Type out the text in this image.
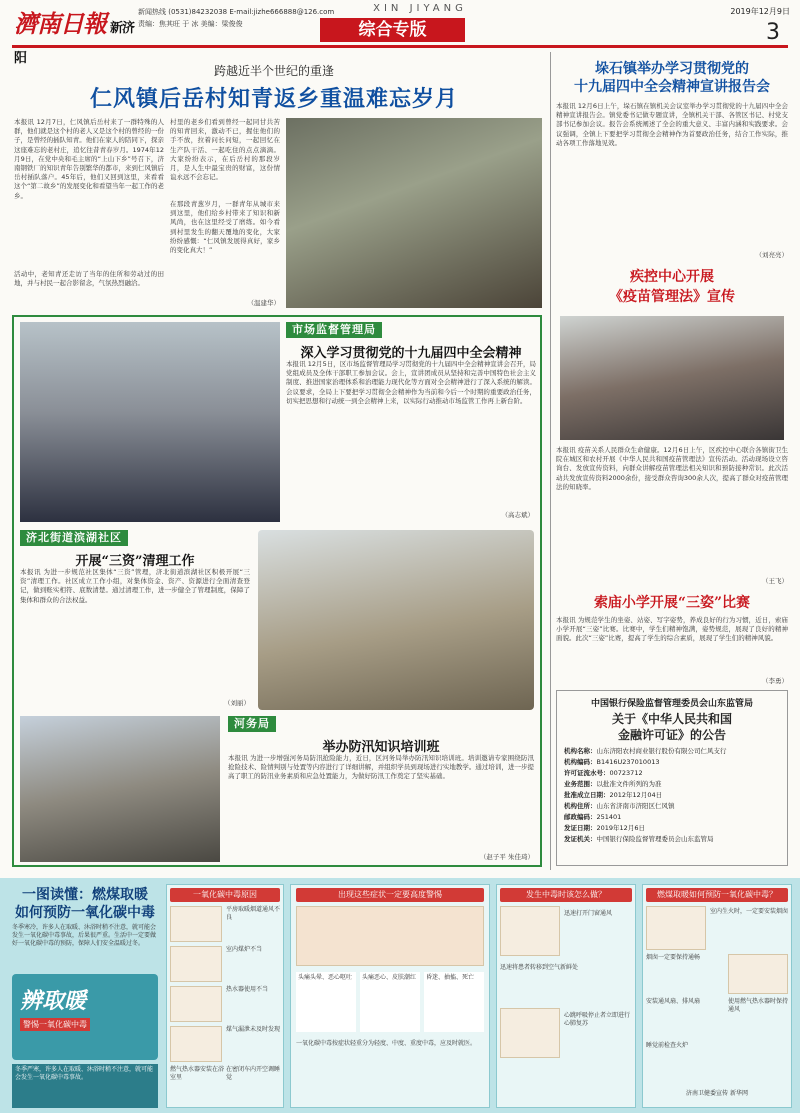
濟南日報 新济阳
新闻热线 (0531)84232038 E-mail:jizhe666888@126.com
责编：焦其旺 于 冰 美编：梁俊俊
XIN JIYANG
综合专版
2019年12月9日
3
跨越近半个世纪的重逢
仁风镇后岳村知青返乡重温难忘岁月
本报讯 12月7日，仁风镇后岳村来了一群特殊的人群，他们就是这个村的老人又是这个村的曾经的一份子，是曾经的插队知青。他们在家人的陪同下，探亲这座难忘的老村庄，追忆往昔青春岁月。1974年12月9日，在党中央和毛主席的“上山下乡”号召下，济南钢铁厂的知识青年告别繁华的都市，来到仁风镇后岳村插队落户。45年后，他们又回到这里，来看看这个“第二故乡”的发展变化和看望当年一起工作的老乡。
村里的老乡们看到曾经一起同甘共苦的知青回来，激动不已，握住他们的手不放，拉着问长问短，一起回忆在生产队干活、一起吃住的点点滴滴。大家纷纷表示，在后岳村的那段岁月，是人生中最宝贵的财富，这份情谊永远不会忘记。
在那段青葱岁月，一群青年从城市来到这里，他们给乡村带来了知识和新风尚，也在这里经受了磨练。如今看到村里发生的翻天覆地的变化，大家纷纷感慨：“仁风镇发展得真好，家乡的变化真大！”
活动中，老知青还走访了当年的住所和劳动过的田地，并与村民一起合影留念，气氛热烈融洽。
（温建华）
市场监督管理局
深入学习贯彻党的十九届四中全会精神
本报讯 12月5日，区市场监督管理局学习贯彻党的十九届四中全会精神宣讲会召开，局党组成员及全体干部职工参加会议。会上，宣讲团成员从坚持和完善中国特色社会主义制度、推进国家治理体系和治理能力现代化等方面对全会精神进行了深入系统的解读。会议要求，全局上下要把学习贯彻全会精神作为当前和今后一个时期的重要政治任务，切实把思想和行动统一到全会精神上来，以实际行动推动市场监管工作再上新台阶。
（高志斌）
济北街道滨湖社区
开展“三资”清理工作
本报讯 为进一步规范社区集体“三资”管理，济北街道滨湖社区积极开展“三资”清理工作。社区成立工作小组，对集体资金、资产、资源进行全面清查登记，做到账实相符、底数清楚。通过清理工作，进一步健全了管理制度，保障了集体和群众的合法权益。
（刘丽）
河务局
举办防汛知识培训班
本报讯 为进一步增强河务局防汛抢险能力，近日，区河务局举办防汛知识培训班。培训邀请专家围绕防汛抢险技术、险情判别与处置等内容进行了详细讲解，并组织学员到现场进行实地教学。通过培训，进一步提高了职工的防汛业务素质和应急处置能力，为做好防汛工作奠定了坚实基础。
（赵子平 朱佳琦）
垛石镇举办学习贯彻党的
十九届四中全会精神宣讲报告会
本报讯 12月6日上午，垛石镇在镇机关会议室举办学习贯彻党的十九届四中全会精神宣讲报告会。镇党委书记做专题宣讲，全镇机关干部、各管区书记、村党支部书记参加会议。报告会系统阐述了全会的重大意义、丰富内涵和实践要求。会议强调，全镇上下要把学习贯彻全会精神作为首要政治任务，结合工作实际，推动各项工作落地见效。
（刘亮亮）
疾控中心开展
《疫苗管理法》宣传
本报讯 疫苗关系人民群众生命健康。12月6日上午，区疾控中心联合各镇街卫生院在城区和农村开展《中华人民共和国疫苗管理法》宣传活动。活动现场设立咨询台、发放宣传资料，向群众讲解疫苗管理法相关知识和预防接种常识。此次活动共发放宣传资料2000余份，接受群众咨询300余人次，提高了群众对疫苗管理法的知晓率。
（王飞）
索庙小学开展“三姿”比赛
本报讯 为规范学生的坐姿、站姿、写字姿势，养成良好的行为习惯，近日，索庙小学开展“三姿”比赛。比赛中，学生们精神饱满，姿势规范，展现了良好的精神面貌。此次“三姿”比赛，提高了学生的综合素质，展现了学生们的精神风貌。
（李勇）
中国银行保险监督管理委员会山东监管局
关于《中华人民共和国
金融许可证》的公告
机构名称：山东济阳农村商业银行股份有限公司仁风支行
机构编码：B1416U237010013
许可证流水号：00723712
业务范围：以批准文件所列的为准
批准成立日期：2012年12月04日
机构住所：山东省济南市济阳区仁风镇
邮政编码：251401
发证日期：2019年12月6日
发证机关：中国银行保险监督管理委员会山东监管局
一图读懂：燃煤取暖
如何预防一氧化碳中毒
冬季寒冷，许多人在取暖、沐浴时稍不注意，就可能会发生一氧化碳中毒事故，后果很严重。生活中一定要做好一氧化碳中毒的预防，保障人们安全温暖过冬。
辨取暖
警惕一氧化碳中毒
冬季严寒，许多人在取暖、沐浴时稍不注意，就可能会发生一氧化碳中毒事故。
一氧化碳中毒原因
平房取暖烟道通风不良
室内煤炉不当
热水器使用不当
煤气漏泄未及时发现
燃气热水器安装在浴室里
在密闭车内开空调睡觉
出现这些症状一定要高度警惕
头痛头晕、恶心呕吐	头痛恶心、皮肤潮红	昏迷、抽搐、死亡
一氧化碳中毒按症状轻重分为轻度、中度、重度中毒，应及时就医。
发生中毒时该怎么做？
迅速打开门窗通风
迅速将患者转移到空气新鲜处
心跳呼吸停止者立即进行心肺复苏
燃煤取暖如何预防一氧化碳中毒？
室内生火时，一定要安装烟囱
烟囱一定要保持通畅
安装通风扇、排风扇	使用燃气热水器时保持通风
睡觉前检查火炉
济南卫健委宣传 新华网
